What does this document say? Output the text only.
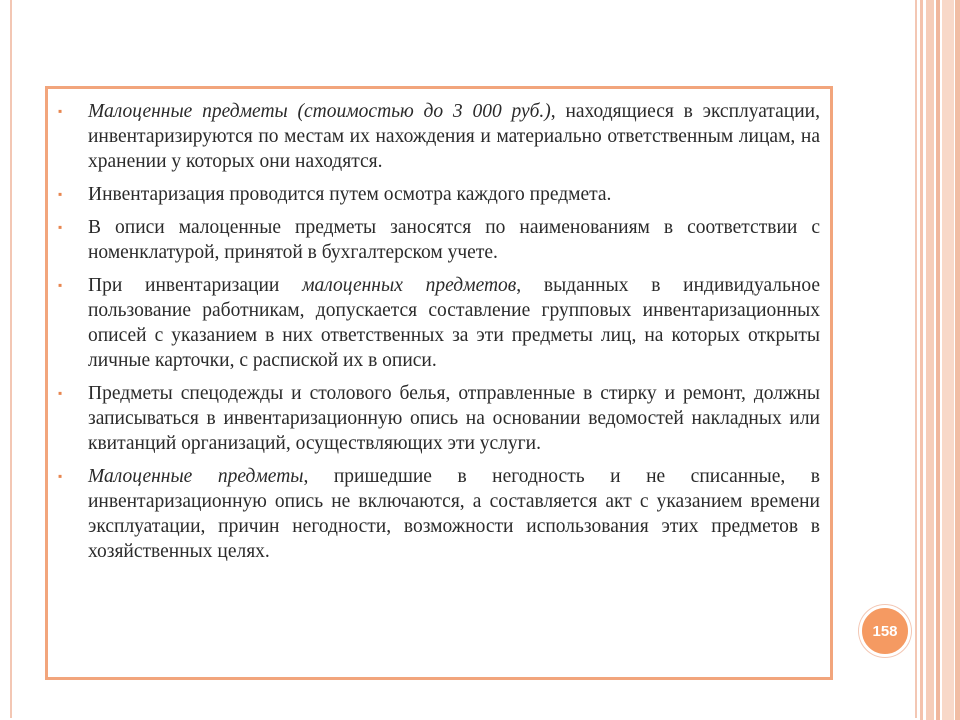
▪ Малоценные предметы (стоимостью до 3 000 руб.), находящиеся в эксплуатации, инвентаризируются по местам их нахождения и материально ответственным лицам, на хранении у которых они находятся.
▪ Инвентаризация проводится путем осмотра каждого предмета.
▪ В описи малоценные предметы заносятся по наименованиям в соответствии с номенклатурой, принятой в бухгалтерском учете.
▪ При инвентаризации малоценных предметов, выданных в индивидуальное пользование работникам, допускается составление групповых инвентаризационных описей с указанием в них ответственных за эти предметы лиц, на которых открыты личные карточки, с распиской их в описи.
▪ Предметы спецодежды и столового белья, отправленные в стирку и ремонт, должны записываться в инвентаризационную опись на основании ведомостей накладных или квитанций организаций, осуществляющих эти услуги.
▪ Малоценные предметы, пришедшие в негодность и не списанные, в инвентаризационную опись не включаются, а составляется акт с указанием времени эксплуатации, причин негодности, возможности использования этих предметов в хозяйственных целях.
158
